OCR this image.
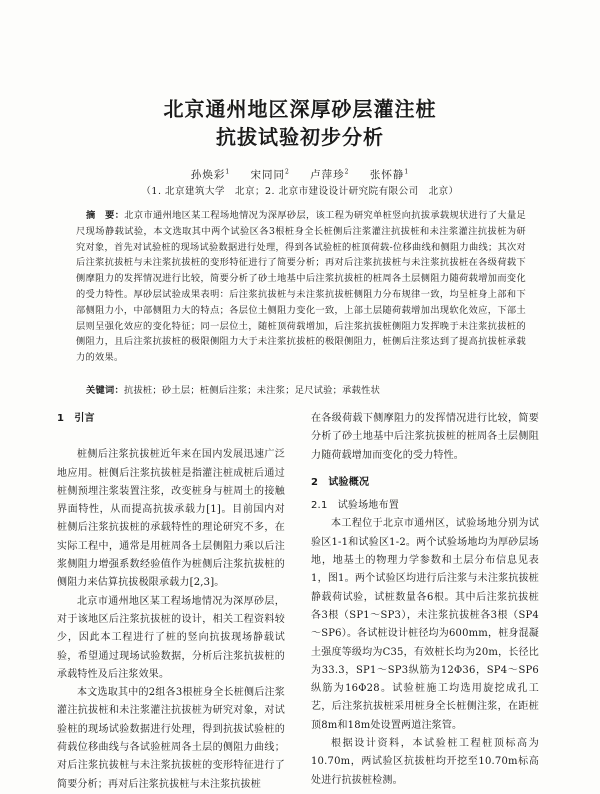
北京通州地区深厚砂层灌注桩
抗拔试验初步分析
孙焕彩$^1$ 宋同同$^2$ 卢萍珍$^2$ 张怀静$^1$
（1. 北京建筑大学　北京；2. 北京市建设设计研究院有限公司　北京）
摘　要：北京市通州地区某工程场地情况为深厚砂层，该工程为研究单桩竖向抗拔承载规状进行了大量足尺现场静载试验，本文选取其中两个试验区各3根桩身全长桩侧后注浆灌注抗拔桩和未注浆灌注抗拔桩为研究对象，首先对试验桩的现场试验数据进行处理，得到各试验桩的桩顶荷载-位移曲线和侧阻力曲线；其次对后注浆抗拔桩与未注浆抗拔桩的变形特征进行了简要分析；再对后注浆抗拔桩与未注浆抗拔桩在各级荷载下侧摩阻力的发挥情况进行比较，简要分析了砂土地基中后注浆抗拔桩的桩周各土层侧阻力随荷载增加而变化的受力特性。厚砂层试验成果表明：后注浆抗拔桩与未注浆抗拔桩侧阻力分布规律一致，均呈桩身上部和下部侧阻力小，中部侧阻力大的特点；各层位土侧阻力变化一致，上部土层随荷载增加出现软化效应，下部土层则呈强化效应的变化特征；同一层位土，随桩顶荷载增加，后注浆抗拔桩侧阻力发挥晚于未注浆抗拔桩的侧阻力，且后注浆抗拔桩的极限侧阻力大于未注浆抗拔桩的极限侧阻力，桩侧后注浆达到了提高抗拔桩承载力的效果。
关键词：抗拔桩；砂土层；桩侧后注浆；未注浆；足尺试验；承载性状

1　引言

桩侧后注浆抗拔桩近年来在国内发展迅速广泛地应用。桩侧后注浆抗拔桩是指灌注桩成桩后通过桩侧预埋注浆装置注浆，改变桩身与桩周土的接触界面特性，从而提高抗拔承载力[1]。目前国内对桩侧后注浆抗拔桩的承载特性的理论研究不多，在实际工程中，通常是用桩周各土层侧阻力乘以后注浆侧阻力增强系数经验值作为桩侧后注浆抗拔桩的侧阻力来估算抗拔极限承载力[2,3]。

北京市通州地区某工程场地情况为深厚砂层，对于该地区后注浆抗拔桩的设计，相关工程资料较少，因此本工程进行了桩的竖向抗拔现场静载试验，希望通过现场试验数据，分析后注浆抗拔桩的承载特性及后注浆效果。

本文选取其中的2组各3根桩身全长桩侧后注浆灌注抗拔桩和未注浆灌注抗拔桩为研究对象，对试验桩的现场试验数据进行处理，得到抗拔试验桩的荷载位移曲线与各试验桩周各土层的侧阻力曲线；对后注浆抗拔桩与未注浆抗拔桩的变形特征进行了简要分析；再对后注浆抗拔桩与未注浆抗拔桩

在各级荷载下侧摩阻力的发挥情况进行比较，简要分析了砂土地基中后注浆抗拔桩的桩周各土层侧阻力随荷载增加而变化的受力特性。

2　试验概况

2.1　试验场地布置

本工程位于北京市通州区，试验场地分别为试验区1-1和试验区1-2。两个试验场地均为厚砂层场地，地基土的物理力学参数和土层分布信息见表1，图1。两个试验区均进行后注浆与未注浆抗拔桩静载荷试验，试桩数量各6根。其中后注浆抗拔桩各3根（SP1～SP3），未注浆抗拔桩各3根（SP4～SP6）。各试桩设计桩径均为600mm，桩身混凝土强度等级均为C35，有效桩长均为20m，长径比为33.3，SP1～SP3纵筋为12Φ36，SP4～SP6纵筋为16Φ28。试验桩施工均选用旋挖成孔工艺，后注浆抗拔桩采用桩身全长桩侧注浆，在距桩顶8m和18m处设置两道注浆管。

根据设计资料，本试验桩工程桩顶标高为10.70m，两试验区抗拔桩均开挖至10.70m标高处进行抗拔桩检测。
